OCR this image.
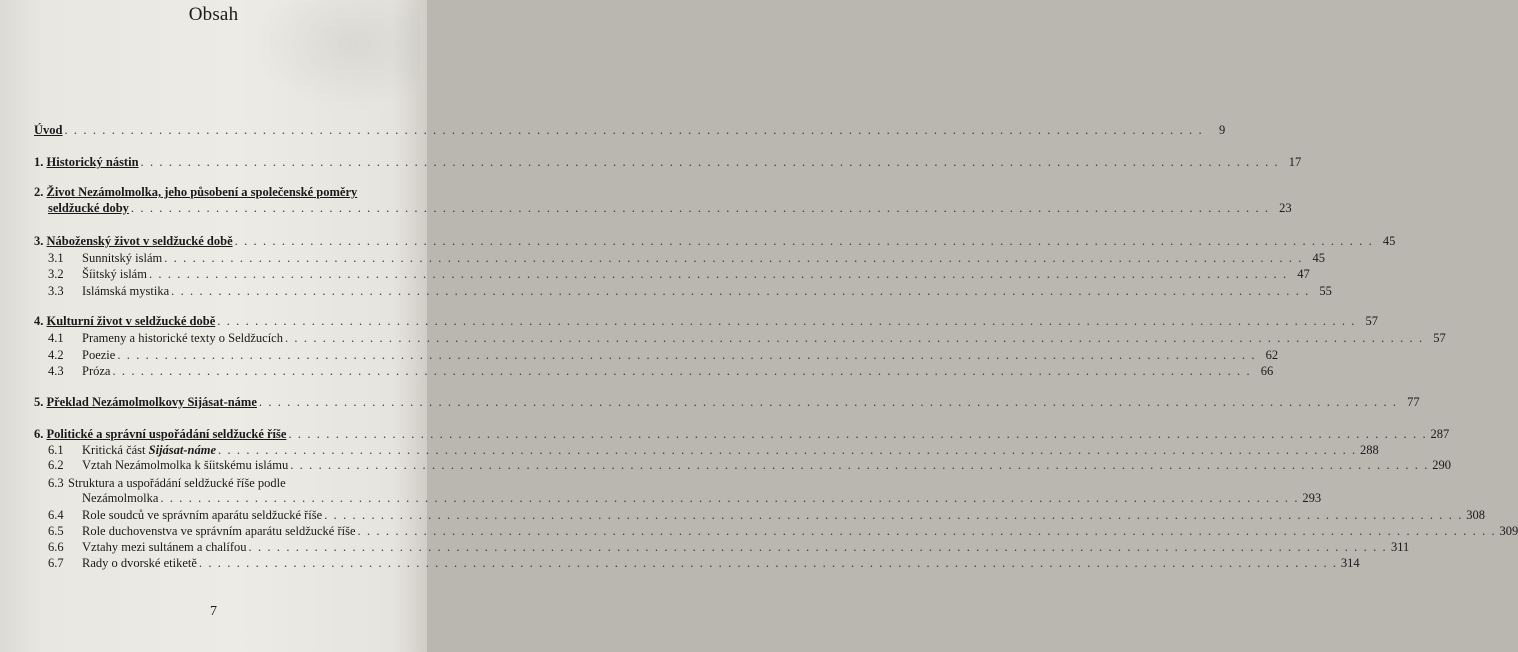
Obsah
Úvod . . .	9
1. Historický nástin . . .	17
2. Život Nezámolmolka, jeho působení a společenské poměry
seldžucké doby . . .	23
3. Náboženský život v seldžucké době . . .	45
3.1	Sunnitský islám . . .	45
3.2	Šíitský islám . . .	47
3.3	Islámská mystika . . .	55
4. Kulturní život v seldžucké době . . .	57
4.1	Prameny a historické texty o Seldžucích . . .	57
4.2	Poezie . . .	62
4.3	Próza . . .	66
5. Překlad Nezámolmolkovy Sijásat-náme . . .	77
6. Politické a správní uspořádání seldžucké říše . . .	287
6.1	Kritická část Sijásat-náme . . .	288
6.2	Vztah Nezámolmolka k šíitskému islámu . . .	290
6.3 Struktura a uspořádání seldžucké říše podle
Nezámolmolka . . .	293
6.4	Role soudců ve správním aparátu seldžucké říše . . .	308
6.5	Role duchovenstva ve správním aparátu seldžucké říše . . .	309
6.6	Vztahy mezi sultánem a chalífou . . .	311
6.7	Rady o dvorské etiketě . . .	314
7
